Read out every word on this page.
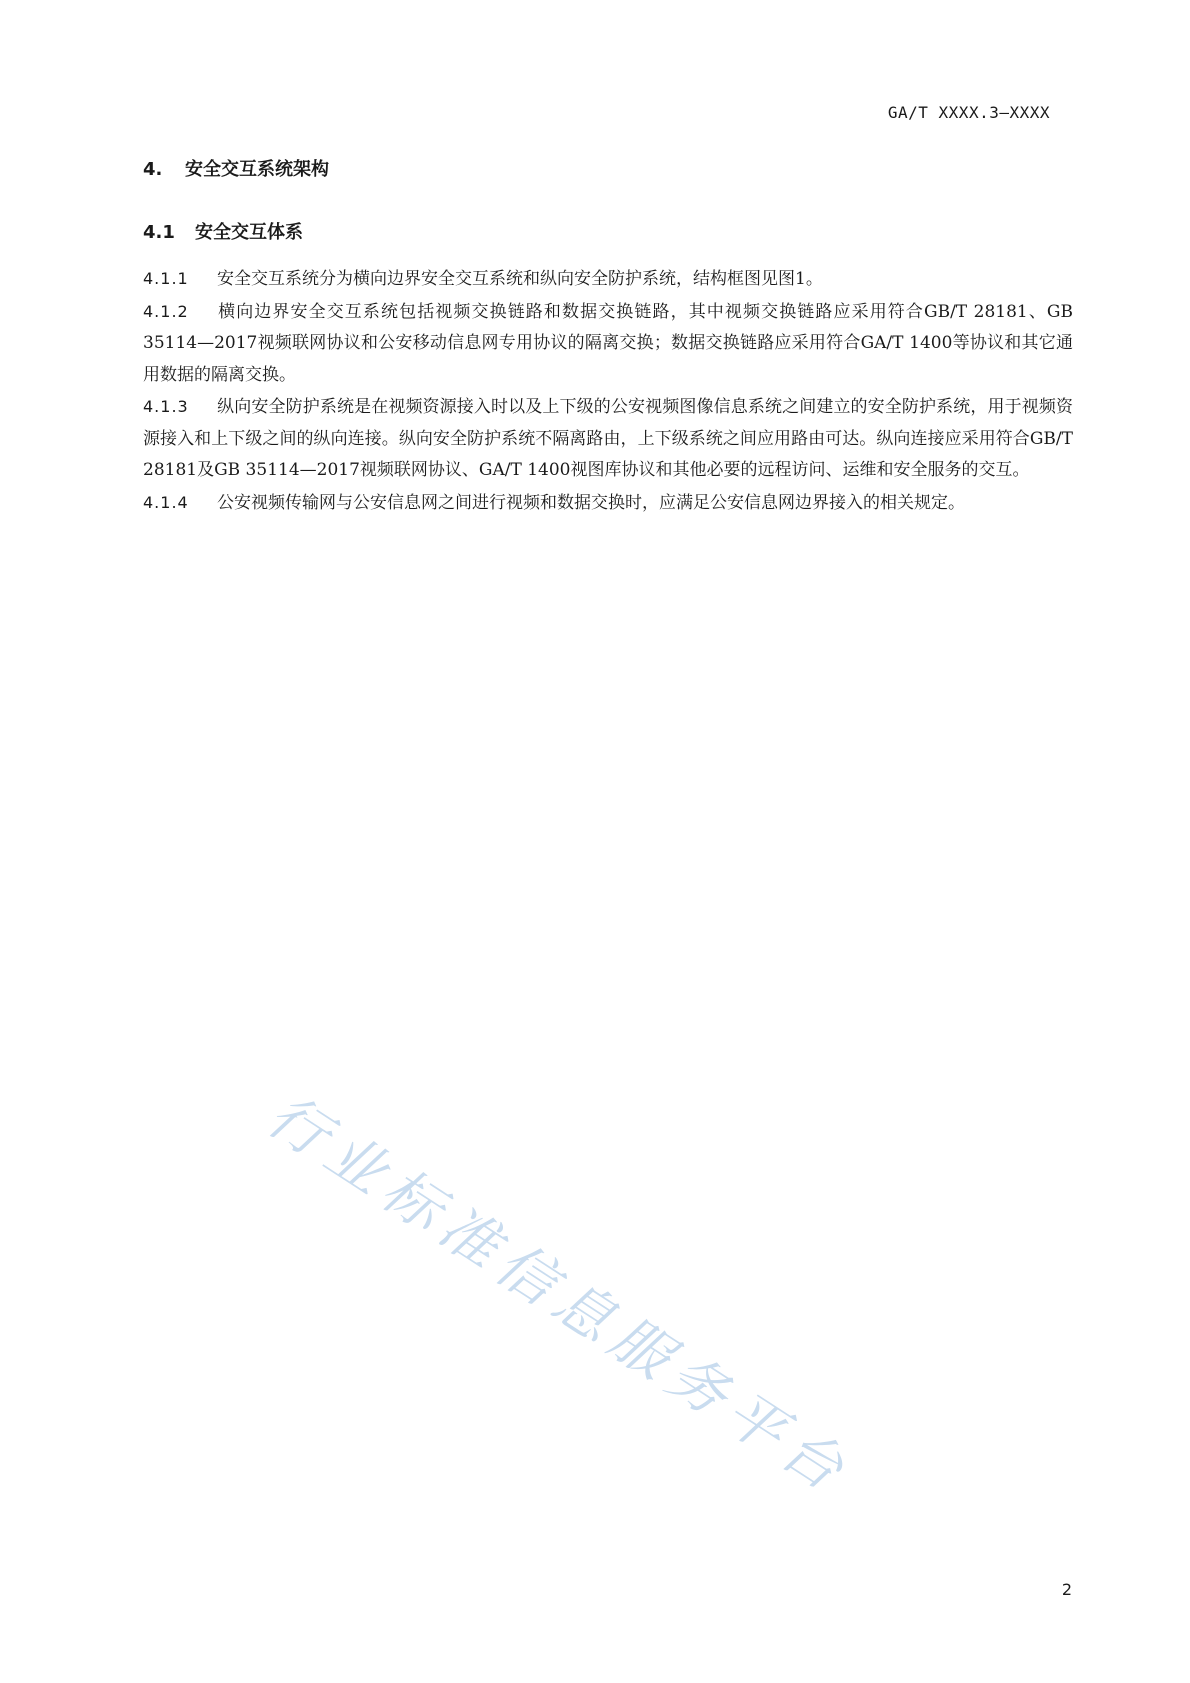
GA/T XXXX.3—XXXX
4. 安全交互系统架构
4.1 安全交互体系

4.1.1 安全交互系统分为横向边界安全交互系统和纵向安全防护系统，结构框图见图1。

4.1.2 横向边界安全交互系统包括视频交换链路和数据交换链路，其中视频交换链路应采用符合GB/T 28181、GB 35114—2017视频联网协议和公安移动信息网专用协议的隔离交换；数据交换链路应采用符合GA/T 1400等协议和其它通用数据的隔离交换。

4.1.3 纵向安全防护系统是在视频资源接入时以及上下级的公安视频图像信息系统之间建立的安全防护系统，用于视频资源接入和上下级之间的纵向连接。纵向安全防护系统不隔离路由，上下级系统之间应用路由可达。纵向连接应采用符合GB/T 28181及GB 35114—2017视频联网协议、GA/T 1400视图库协议和其他必要的远程访问、运维和安全服务的交互。

4.1.4 公安视频传输网与公安信息网之间进行视频和数据交换时，应满足公安信息网边界接入的相关规定。

行业标准信息服务平台
2
